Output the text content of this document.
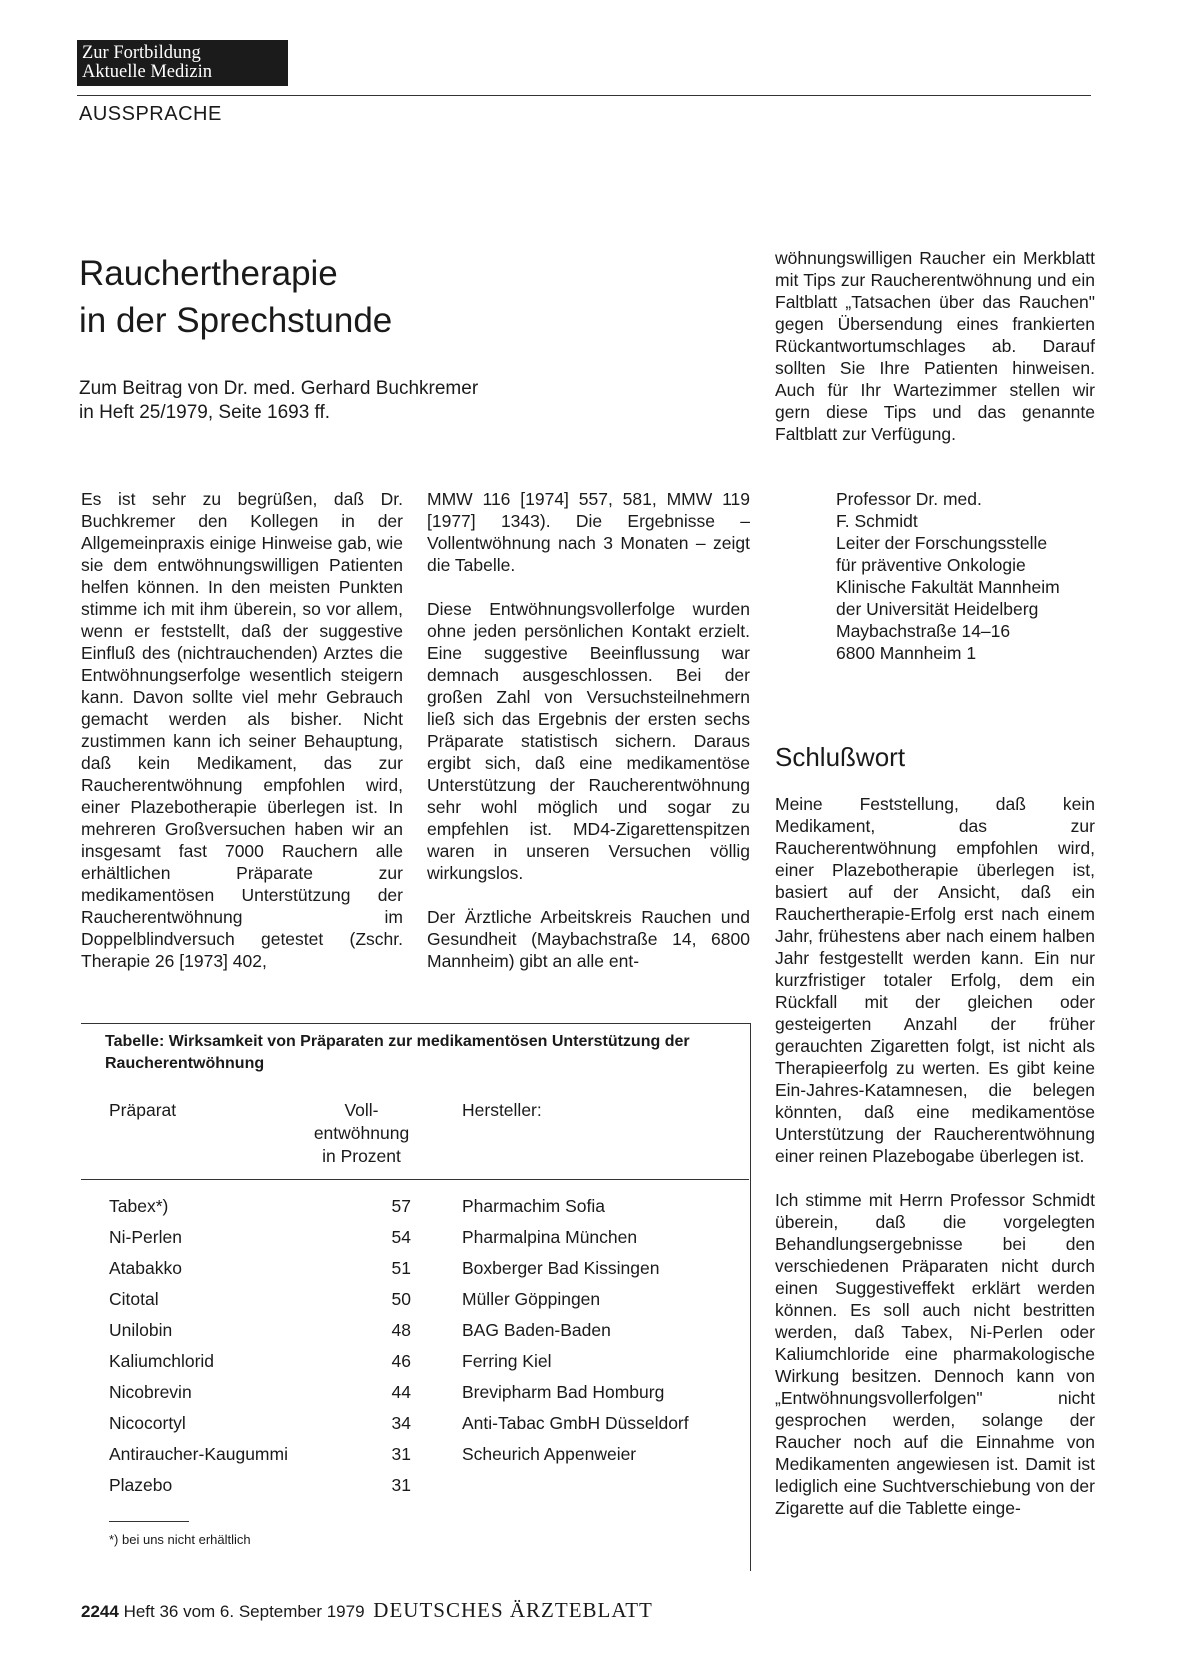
Zur Fortbildung
Aktuelle Medizin
AUSSPRACHE
Rauchertherapie
in der Sprechstunde
Zum Beitrag von Dr. med. Gerhard Buchkremer
in Heft 25/1979, Seite 1693 ff.

Es ist sehr zu begrüßen, daß Dr. Buchkremer den Kollegen in der Allgemeinpraxis einige Hinweise gab, wie sie dem entwöhnungswilligen Patienten helfen können. In den meisten Punkten stimme ich mit ihm überein, so vor allem, wenn er feststellt, daß der suggestive Einfluß des (nichtrauchenden) Arztes die Entwöhnungserfolge wesentlich steigern kann. Davon sollte viel mehr Gebrauch gemacht werden als bisher. Nicht zustimmen kann ich seiner Behauptung, daß kein Medikament, das zur Raucherentwöhnung empfohlen wird, einer Plazebotherapie überlegen ist. In mehreren Großversuchen haben wir an insgesamt fast 7000 Rauchern alle erhältlichen Präparate zur medikamentösen Unterstützung der Raucherentwöhnung im Doppelblindversuch getestet (Zschr. Therapie 26 [1973] 402,

MMW 116 [1974] 557, 581, MMW 119 [1977] 1343). Die Ergebnisse – Vollentwöhnung nach 3 Monaten – zeigt die Tabelle.

Diese Entwöhnungsvollerfolge wurden ohne jeden persönlichen Kontakt erzielt. Eine suggestive Beeinflussung war demnach ausgeschlossen. Bei der großen Zahl von Versuchsteilnehmern ließ sich das Ergebnis der ersten sechs Präparate statistisch sichern. Daraus ergibt sich, daß eine medikamentöse Unterstützung der Raucherentwöhnung sehr wohl möglich und sogar zu empfehlen ist. MD4-Zigarettenspitzen waren in unseren Versuchen völlig wirkungslos.

Der Ärztliche Arbeitskreis Rauchen und Gesundheit (Maybachstraße 14, 6800 Mannheim) gibt an alle ent-

wöhnungswilligen Raucher ein Merkblatt mit Tips zur Raucherentwöhnung und ein Faltblatt „Tatsachen über das Rauchen" gegen Übersendung eines frankierten Rückantwortumschlages ab. Darauf sollten Sie Ihre Patienten hinweisen. Auch für Ihr Wartezimmer stellen wir gern diese Tips und das genannte Faltblatt zur Verfügung.

Professor Dr. med.
F. Schmidt
Leiter der Forschungsstelle
für präventive Onkologie
Klinische Fakultät Mannheim
der Universität Heidelberg
Maybachstraße 14–16
6800 Mannheim 1
Schlußwort

Meine Feststellung, daß kein Medikament, das zur Raucherentwöhnung empfohlen wird, einer Plazebotherapie überlegen ist, basiert auf der Ansicht, daß ein Rauchertherapie-Erfolg erst nach einem Jahr, frühestens aber nach einem halben Jahr festgestellt werden kann. Ein nur kurzfristiger totaler Erfolg, dem ein Rückfall mit der gleichen oder gesteigerten Anzahl der früher gerauchten Zigaretten folgt, ist nicht als Therapieerfolg zu werten. Es gibt keine Ein-Jahres-Katamnesen, die belegen könnten, daß eine medikamentöse Unterstützung der Raucherentwöhnung einer reinen Plazebogabe überlegen ist.

Ich stimme mit Herrn Professor Schmidt überein, daß die vorgelegten Behandlungsergebnisse bei den verschiedenen Präparaten nicht durch einen Suggestiveffekt erklärt werden können. Es soll auch nicht bestritten werden, daß Tabex, Ni-Perlen oder Kaliumchloride eine pharmakologische Wirkung besitzen. Dennoch kann von „Entwöhnungsvollerfolgen" nicht gesprochen werden, solange der Raucher noch auf die Einnahme von Medikamenten angewiesen ist. Damit ist lediglich eine Suchtverschiebung von der Zigarette auf die Tablette einge-

Tabelle: Wirksamkeit von Präparaten zur medikamentösen Unterstützung der Raucherentwöhnung
Präparat	Voll-
entwöhnung
in Prozent
Hersteller:
Tabex*)	57	Pharmachim Sofia
Ni-Perlen	54	Pharmalpina München
Atabakko	51	Boxberger Bad Kissingen
Citotal	50	Müller Göppingen
Unilobin	48	BAG Baden-Baden
Kaliumchlorid	46	Ferring Kiel
Nicobrevin	44	Brevipharm Bad Homburg
Nicocortyl	34	Anti-Tabac GmbH Düsseldorf
Antiraucher-Kaugummi	31	Scheurich Appenweier
Plazebo	31
*) bei uns nicht erhältlich
2244 Heft 36 vom 6. September 1979 DEUTSCHES ÄRZTEBLATT
